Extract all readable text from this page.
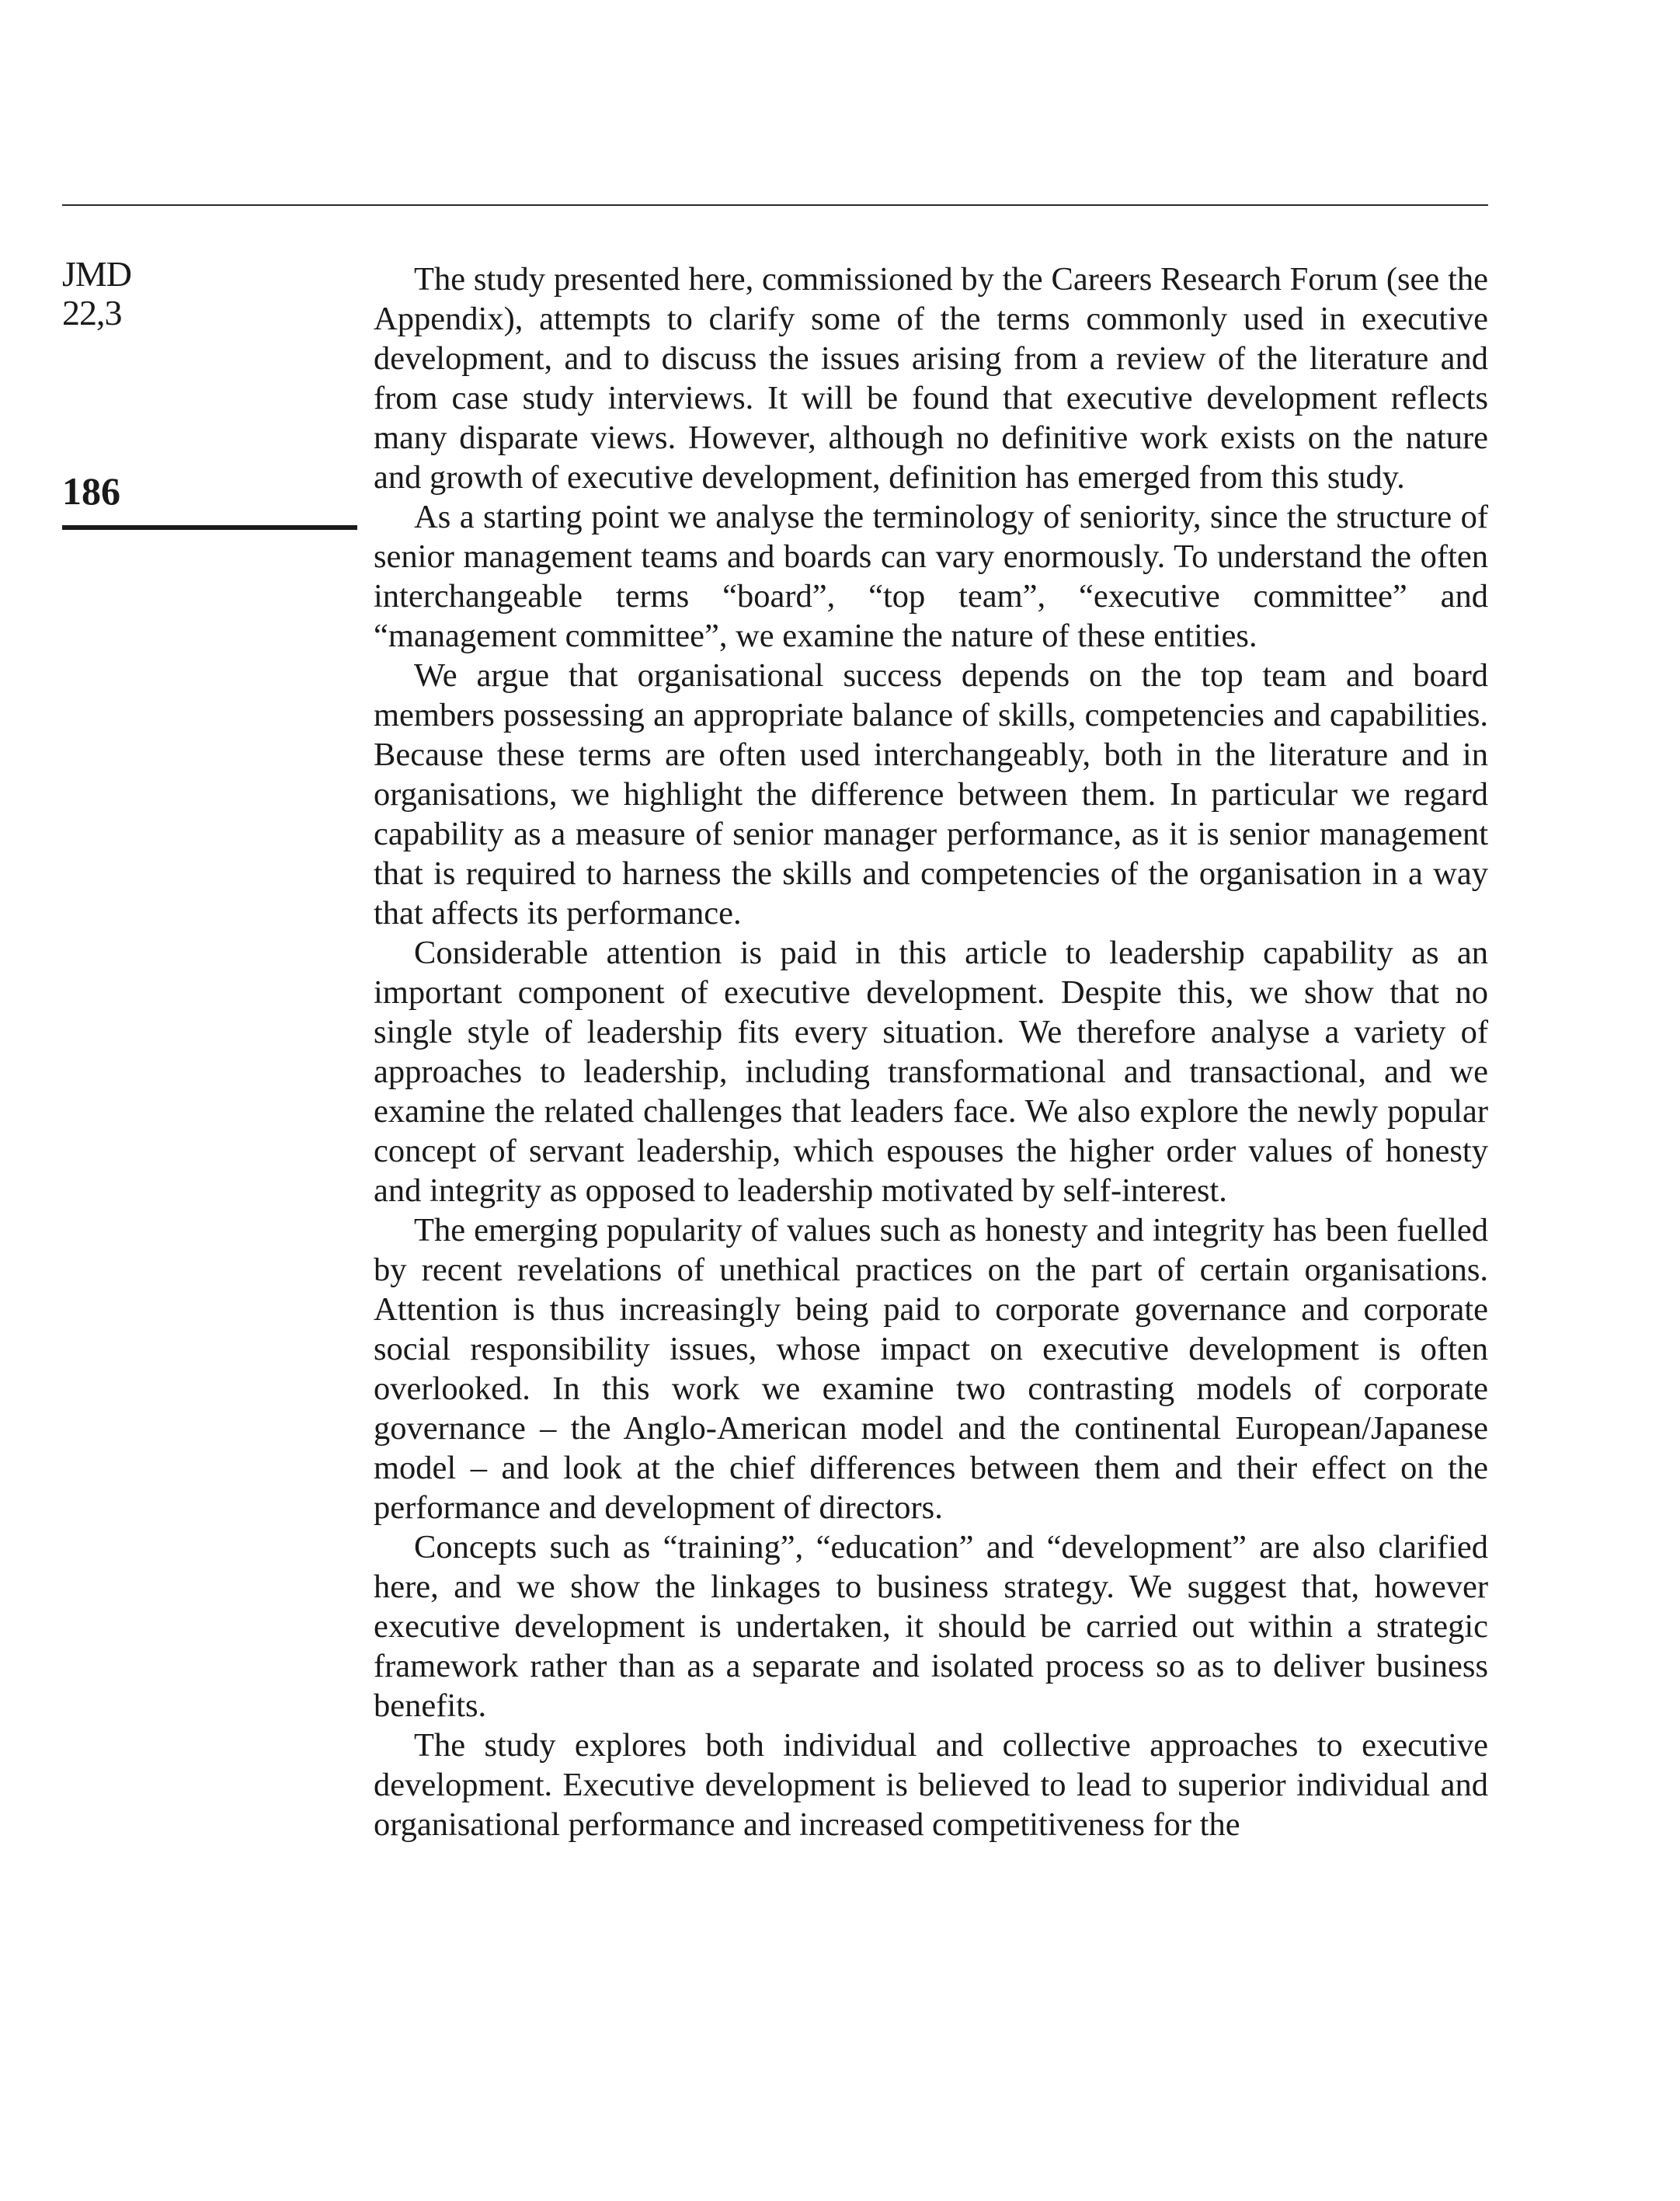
JMD
22,3
186

The study presented here, commissioned by the Careers Research Forum (see the Appendix), attempts to clarify some of the terms commonly used in executive development, and to discuss the issues arising from a review of the literature and from case study interviews. It will be found that executive development reflects many disparate views. However, although no definitive work exists on the nature and growth of executive development, definition has emerged from this study.

As a starting point we analyse the terminology of seniority, since the structure of senior management teams and boards can vary enormously. To understand the often interchangeable terms “board”, “top team”, “executive committee” and “management committee”, we examine the nature of these entities.

We argue that organisational success depends on the top team and board members possessing an appropriate balance of skills, competencies and capabilities. Because these terms are often used interchangeably, both in the literature and in organisations, we highlight the difference between them. In particular we regard capability as a measure of senior manager performance, as it is senior management that is required to harness the skills and competencies of the organisation in a way that affects its performance.

Considerable attention is paid in this article to leadership capability as an important component of executive development. Despite this, we show that no single style of leadership fits every situation. We therefore analyse a variety of approaches to leadership, including transformational and transactional, and we examine the related challenges that leaders face. We also explore the newly popular concept of servant leadership, which espouses the higher order values of honesty and integrity as opposed to leadership motivated by self-interest.

The emerging popularity of values such as honesty and integrity has been fuelled by recent revelations of unethical practices on the part of certain organisations. Attention is thus increasingly being paid to corporate governance and corporate social responsibility issues, whose impact on executive development is often overlooked. In this work we examine two contrasting models of corporate governance – the Anglo-American model and the continental European/Japanese model – and look at the chief differences between them and their effect on the performance and development of directors.

Concepts such as “training”, “education” and “development” are also clarified here, and we show the linkages to business strategy. We suggest that, however executive development is undertaken, it should be carried out within a strategic framework rather than as a separate and isolated process so as to deliver business benefits.

The study explores both individual and collective approaches to executive development. Executive development is believed to lead to superior individual and organisational performance and increased competitiveness for the
